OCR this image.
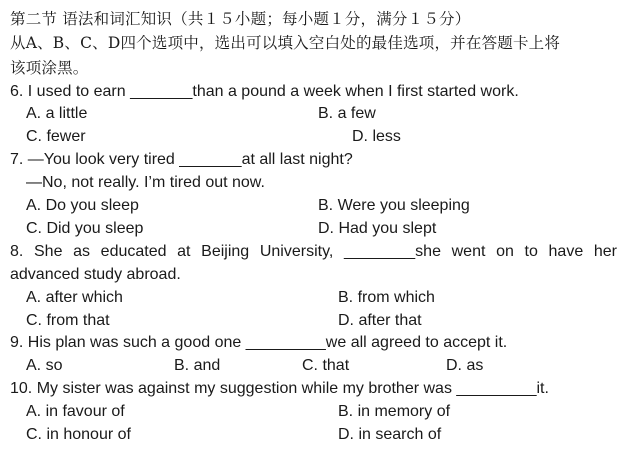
第二节 语法和词汇知识（共１５小题；每小题１分，满分１５分）
从A、B、C、D四个选项中，选出可以填入空白处的最佳选项，并在答题卡上将
该项涂黑。
6. I used to earn _______than a pound a week when I first started work.
A. a little	B. a few
C. fewer	D. less
7. —You look very tired _______at all last night?
—No, not really. I’m tired out now.
A. Do you sleep	B. Were you sleeping
C. Did you sleep	D. Had you slept
8. She as educated at Beijing University, ________she went on to have her
advanced study abroad.
A. after which	B. from which
C. from that	D. after that
9. His plan was such a good one _________we all agreed to accept it.
A. so	B. and	C. that	D. as
10. My sister was against my suggestion while my brother was _________it.
A. in favour of	B. in memory of
C. in honour of	D. in search of
